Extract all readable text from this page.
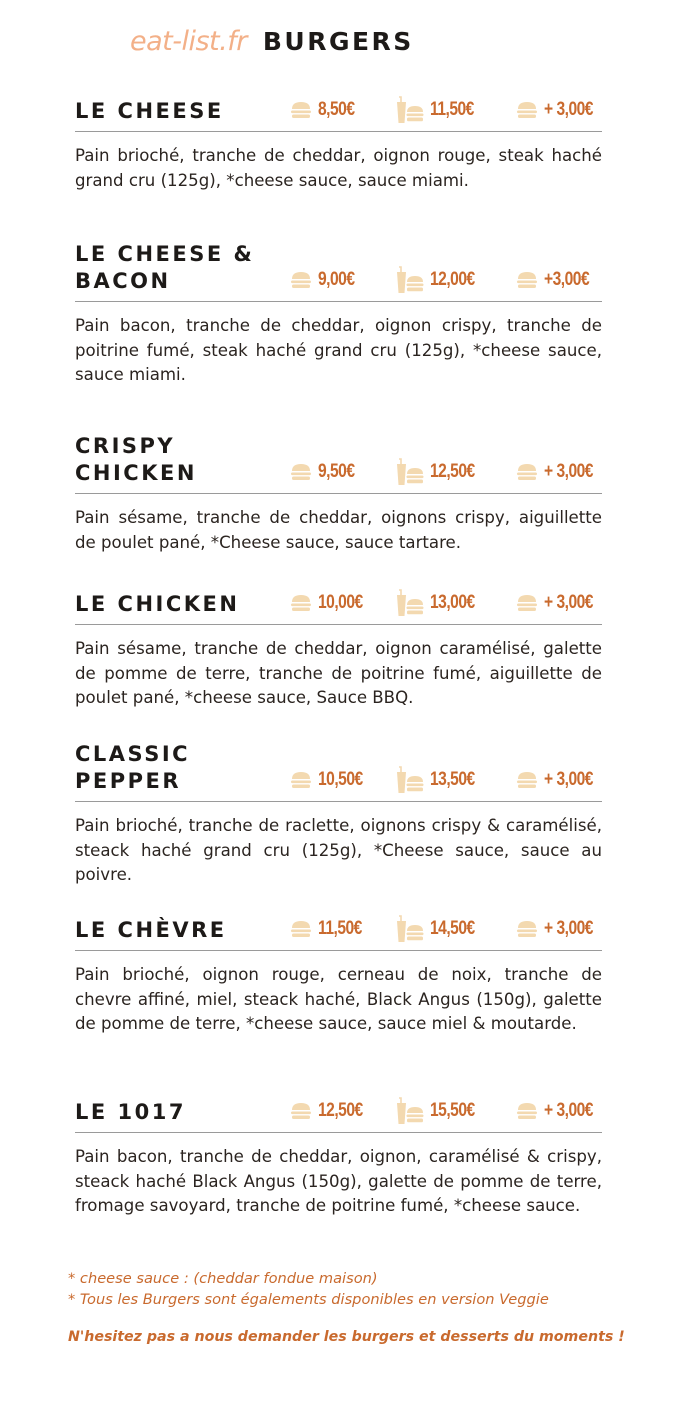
eat-list.fr BURGERS
LE CHEESE	8,50€	11,50€	+ 3,00€
Pain brioché, tranche de cheddar, oignon rouge, steak haché grand cru (125g), *cheese sauce, sauce miami.
LE CHEESE & BACON	9,00€	12,00€	+3,00€
Pain bacon, tranche de cheddar, oignon crispy, tranche de poitrine fumé, steak haché grand cru (125g), *cheese sauce, sauce miami.
CRISPY CHICKEN	9,50€	12,50€	+ 3,00€
Pain sésame, tranche de cheddar, oignons crispy, aiguillette de poulet pané, *Cheese sauce, sauce tartare.
LE CHICKEN	10,00€	13,00€	+ 3,00€
Pain sésame, tranche de cheddar, oignon caramélisé, galette de pomme de terre, tranche de poitrine fumé, aiguillette de poulet pané, *cheese sauce, Sauce BBQ.
CLASSIC PEPPER	10,50€	13,50€	+ 3,00€
Pain brioché, tranche de raclette, oignons crispy & caramélisé, steack haché grand cru (125g), *Cheese sauce, sauce au poivre.
LE CHÈVRE	11,50€	14,50€	+ 3,00€
Pain brioché, oignon rouge, cerneau de noix, tranche de chevre affiné, miel, steack haché, Black Angus (150g), galette de pomme de terre, *cheese sauce, sauce miel & moutarde.
LE 1017	12,50€	15,50€	+ 3,00€
Pain bacon, tranche de cheddar, oignon, caramélisé & crispy, steack haché Black Angus (150g), galette de pomme de terre, fromage savoyard, tranche de poitrine fumé, *cheese sauce.
* cheese sauce : (cheddar fondue maison)
* Tous les Burgers sont égalements disponibles en version Veggie
N'hesitez pas a nous demander les burgers et desserts du moments !
